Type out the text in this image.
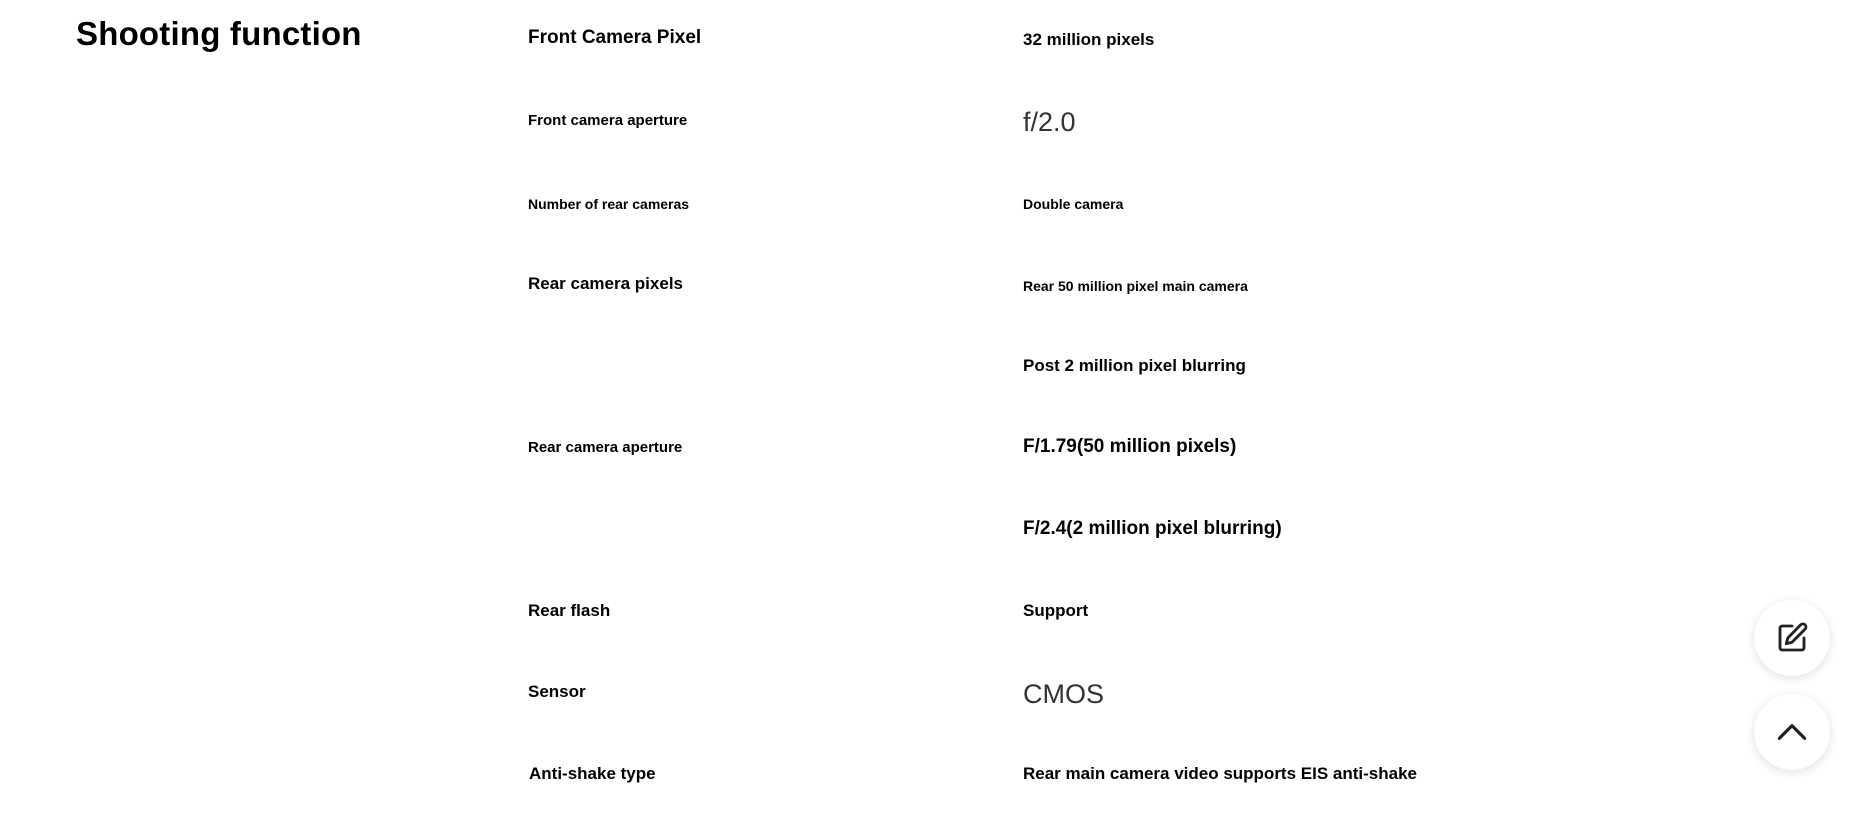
Shooting function	Front Camera Pixel	32 million pixels
Front camera aperture	f/2.0
Number of rear cameras	Double camera
Rear camera pixels	Rear 50 million pixel main camera
Post 2 million pixel blurring
Rear camera aperture	F/1.79(50 million pixels)
F/2.4(2 million pixel blurring)
Rear flash	Support
Sensor	CMOS
Anti-shake type	Rear main camera video supports EIS anti-shake
